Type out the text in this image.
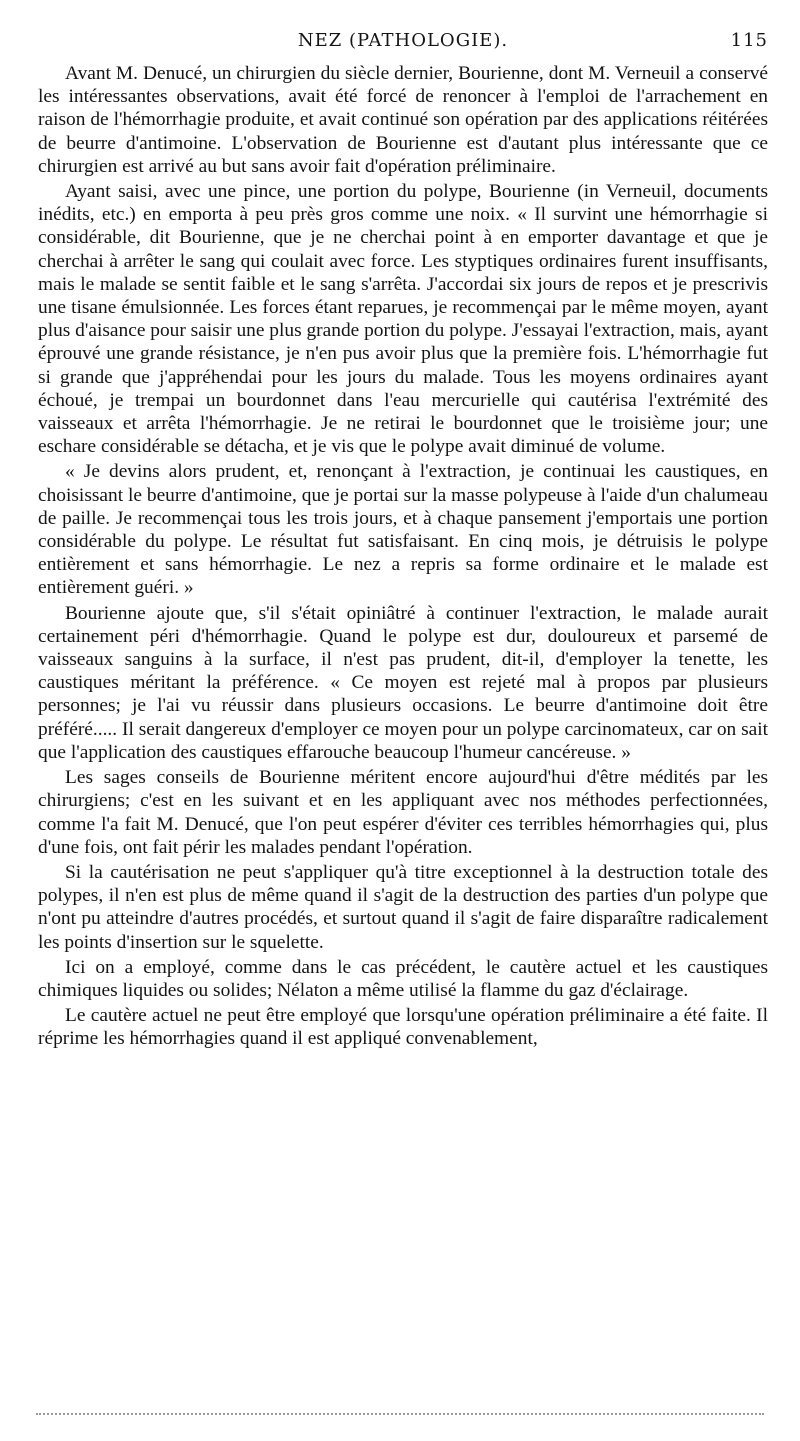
NEZ (PATHOLOGIE).	115

Avant M. Denucé, un chirurgien du siècle dernier, Bourienne, dont M. Verneuil a conservé les intéressantes observations, avait été forcé de renoncer à l'emploi de l'arrachement en raison de l'hémorrhagie produite, et avait continué son opération par des applications réitérées de beurre d'antimoine. L'observation de Bourienne est d'autant plus intéressante que ce chirurgien est arrivé au but sans avoir fait d'opération préliminaire.

Ayant saisi, avec une pince, une portion du polype, Bourienne (in Verneuil, documents inédits, etc.) en emporta à peu près gros comme une noix. « Il survint une hémorrhagie si considérable, dit Bourienne, que je ne cherchai point à en emporter davantage et que je cherchai à arrêter le sang qui coulait avec force. Les styptiques ordinaires furent insuffisants, mais le malade se sentit faible et le sang s'arrêta. J'accordai six jours de repos et je prescrivis une tisane émulsionnée. Les forces étant reparues, je recommençai par le même moyen, ayant plus d'aisance pour saisir une plus grande portion du polype. J'essayai l'extraction, mais, ayant éprouvé une grande résistance, je n'en pus avoir plus que la première fois. L'hémorrhagie fut si grande que j'appréhendai pour les jours du malade. Tous les moyens ordinaires ayant échoué, je trempai un bourdonnet dans l'eau mercurielle qui cautérisa l'extrémité des vaisseaux et arrêta l'hémorrhagie. Je ne retirai le bourdonnet que le troisième jour; une eschare considérable se détacha, et je vis que le polype avait diminué de volume.

« Je devins alors prudent, et, renonçant à l'extraction, je continuai les caustiques, en choisissant le beurre d'antimoine, que je portai sur la masse polypeuse à l'aide d'un chalumeau de paille. Je recommençai tous les trois jours, et à chaque pansement j'emportais une portion considérable du polype. Le résultat fut satisfaisant. En cinq mois, je détruisis le polype entièrement et sans hémorrhagie. Le nez a repris sa forme ordinaire et le malade est entièrement guéri. »

Bourienne ajoute que, s'il s'était opiniâtré à continuer l'extraction, le malade aurait certainement péri d'hémorrhagie. Quand le polype est dur, douloureux et parsemé de vaisseaux sanguins à la surface, il n'est pas prudent, dit-il, d'employer la tenette, les caustiques méritant la préférence. « Ce moyen est rejeté mal à propos par plusieurs personnes; je l'ai vu réussir dans plusieurs occasions. Le beurre d'antimoine doit être préféré..... Il serait dangereux d'employer ce moyen pour un polype carcinomateux, car on sait que l'application des caustiques effarouche beaucoup l'humeur cancéreuse. »

Les sages conseils de Bourienne méritent encore aujourd'hui d'être médités par les chirurgiens; c'est en les suivant et en les appliquant avec nos méthodes perfectionnées, comme l'a fait M. Denucé, que l'on peut espérer d'éviter ces terribles hémorrhagies qui, plus d'une fois, ont fait périr les malades pendant l'opération.

Si la cautérisation ne peut s'appliquer qu'à titre exceptionnel à la destruction totale des polypes, il n'en est plus de même quand il s'agit de la destruction des parties d'un polype que n'ont pu atteindre d'autres procédés, et surtout quand il s'agit de faire disparaître radicalement les points d'insertion sur le squelette.

Ici on a employé, comme dans le cas précédent, le cautère actuel et les caustiques chimiques liquides ou solides; Nélaton a même utilisé la flamme du gaz d'éclairage.

Le cautère actuel ne peut être employé que lorsqu'une opération préliminaire a été faite. Il réprime les hémorrhagies quand il est appliqué convenablement,
